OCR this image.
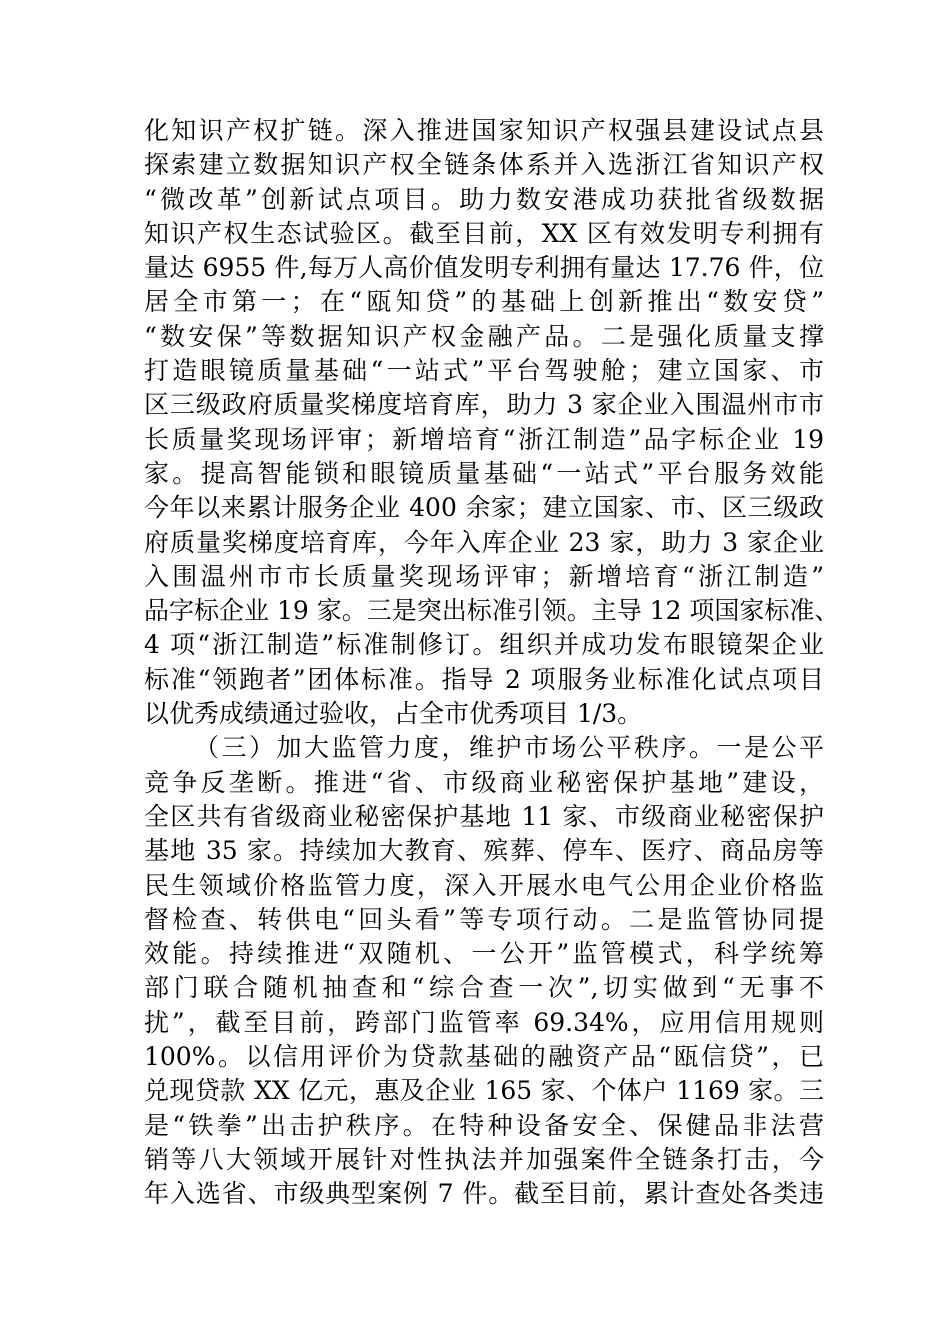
化知识产权扩链。深入推进国家知识产权强县建设试点县
探索建立数据知识产权全链条体系并入选浙江省知识产权
“微改革”创新试点项目。助力数安港成功获批省级数据
知识产权生态试验区。截至目前，XX 区有效发明专利拥有
量达 6955 件,每万人高价值发明专利拥有量达 17.76 件，位
居全市第一；在“瓯知贷”的基础上创新推出“数安贷”
“数安保”等数据知识产权金融产品。二是强化质量支撑
打造眼镜质量基础“一站式”平台驾驶舱；建立国家、市
区三级政府质量奖梯度培育库，助力 3 家企业入围温州市市
长质量奖现场评审；新增培育“浙江制造”品字标企业 19
家。提高智能锁和眼镜质量基础“一站式”平台服务效能
今年以来累计服务企业 400 余家；建立国家、市、区三级政
府质量奖梯度培育库，今年入库企业 23 家，助力 3 家企业
入围温州市市长质量奖现场评审；新增培育“浙江制造”
品字标企业 19 家。三是突出标准引领。主导 12 项国家标准、
4 项“浙江制造”标准制修订。组织并成功发布眼镜架企业
标准“领跑者”团体标准。指导 2 项服务业标准化试点项目
以优秀成绩通过验收，占全市优秀项目 1/3。
（三）加大监管力度，维护市场公平秩序。一是公平
竞争反垄断。推进“省、市级商业秘密保护基地”建设，
全区共有省级商业秘密保护基地 11 家、市级商业秘密保护
基地 35 家。持续加大教育、殡葬、停车、医疗、商品房等
民生领域价格监管力度，深入开展水电气公用企业价格监
督检查、转供电“回头看”等专项行动。二是监管协同提
效能。持续推进“双随机、一公开”监管模式，科学统筹
部门联合随机抽查和“综合查一次”,切实做到“无事不
扰”，截至目前，跨部门监管率 69.34%，应用信用规则
100%。以信用评价为贷款基础的融资产品“瓯信贷”，已
兑现贷款 XX 亿元，惠及企业 165 家、个体户 1169 家。三
是“铁拳”出击护秩序。在特种设备安全、保健品非法营
销等八大领域开展针对性执法并加强案件全链条打击，今
年入选省、市级典型案例 7 件。截至目前，累计查处各类违
